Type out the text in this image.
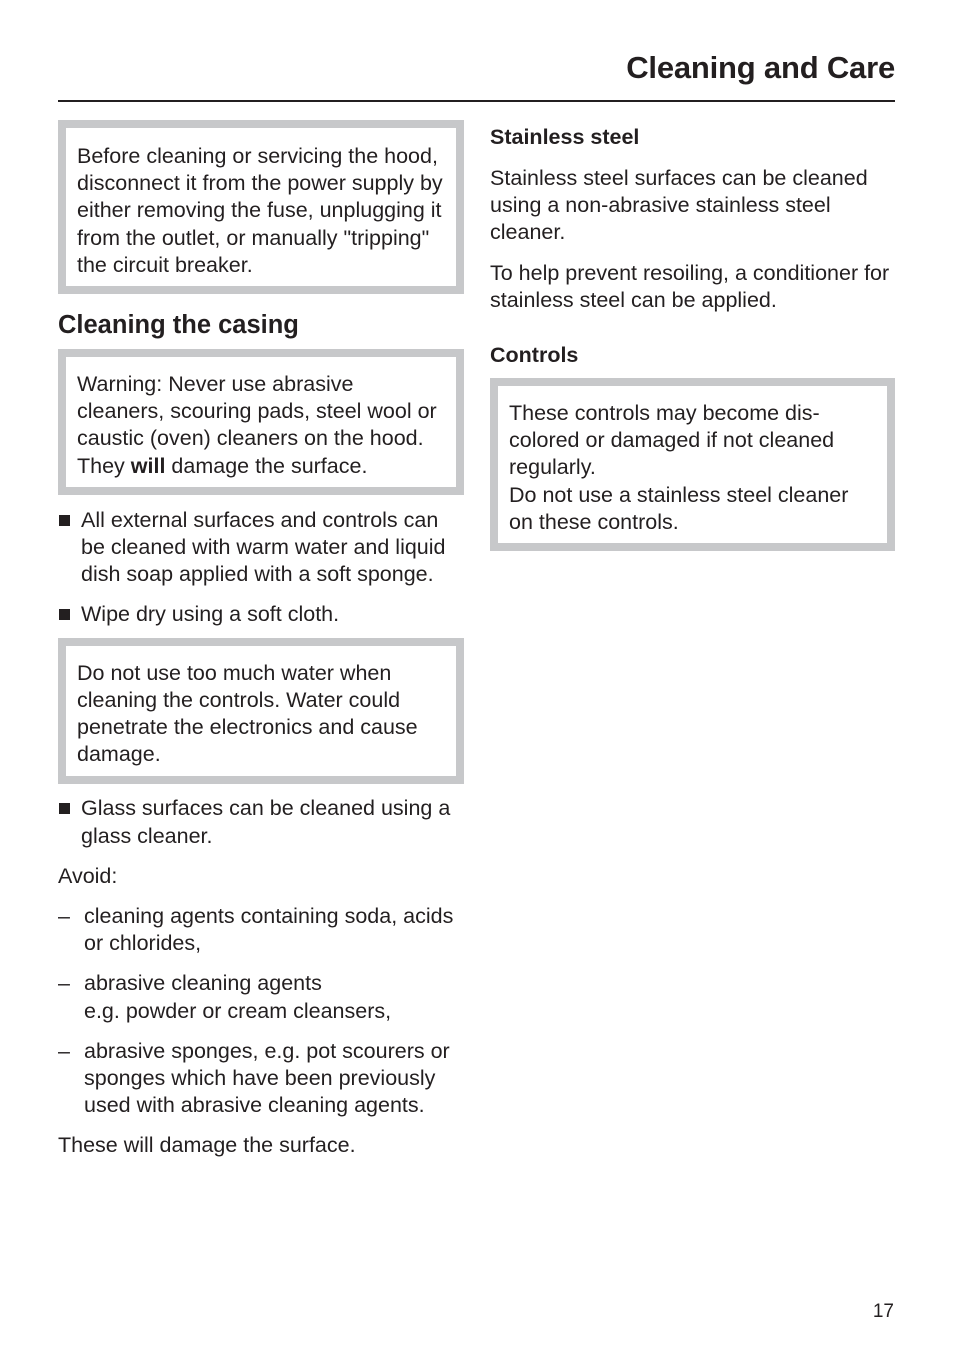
Cleaning and Care

Before cleaning or servicing the hood, disconnect it from the power supply by either removing the fuse, unplugging it from the outlet, or manually "tripping" the circuit breaker.

Cleaning the casing

Warning: Never use abrasive cleaners, scouring pads, steel wool or caustic (oven) cleaners on the hood. They will damage the surface.

All external surfaces and controls can be cleaned with warm water and liquid dish soap applied with a soft sponge.
Wipe dry using a soft cloth.

Do not use too much water when cleaning the controls. Water could penetrate the electronics and cause damage.

Glass surfaces can be cleaned using a glass cleaner.

Avoid:

– cleaning agents containing soda, acids or chlorides,
– abrasive cleaning agents
e.g. powder or cream cleansers,
– abrasive sponges, e.g. pot scourers or sponges which have been previously used with abrasive cleaning agents.

These will damage the surface.

Stainless steel

Stainless steel surfaces can be cleaned using a non-abrasive stainless steel cleaner.

To help prevent resoiling, a conditioner for stainless steel can be applied.

Controls

These controls may become dis-colored or damaged if not cleaned regularly.

Do not use a stainless steel cleaner on these controls.

17
